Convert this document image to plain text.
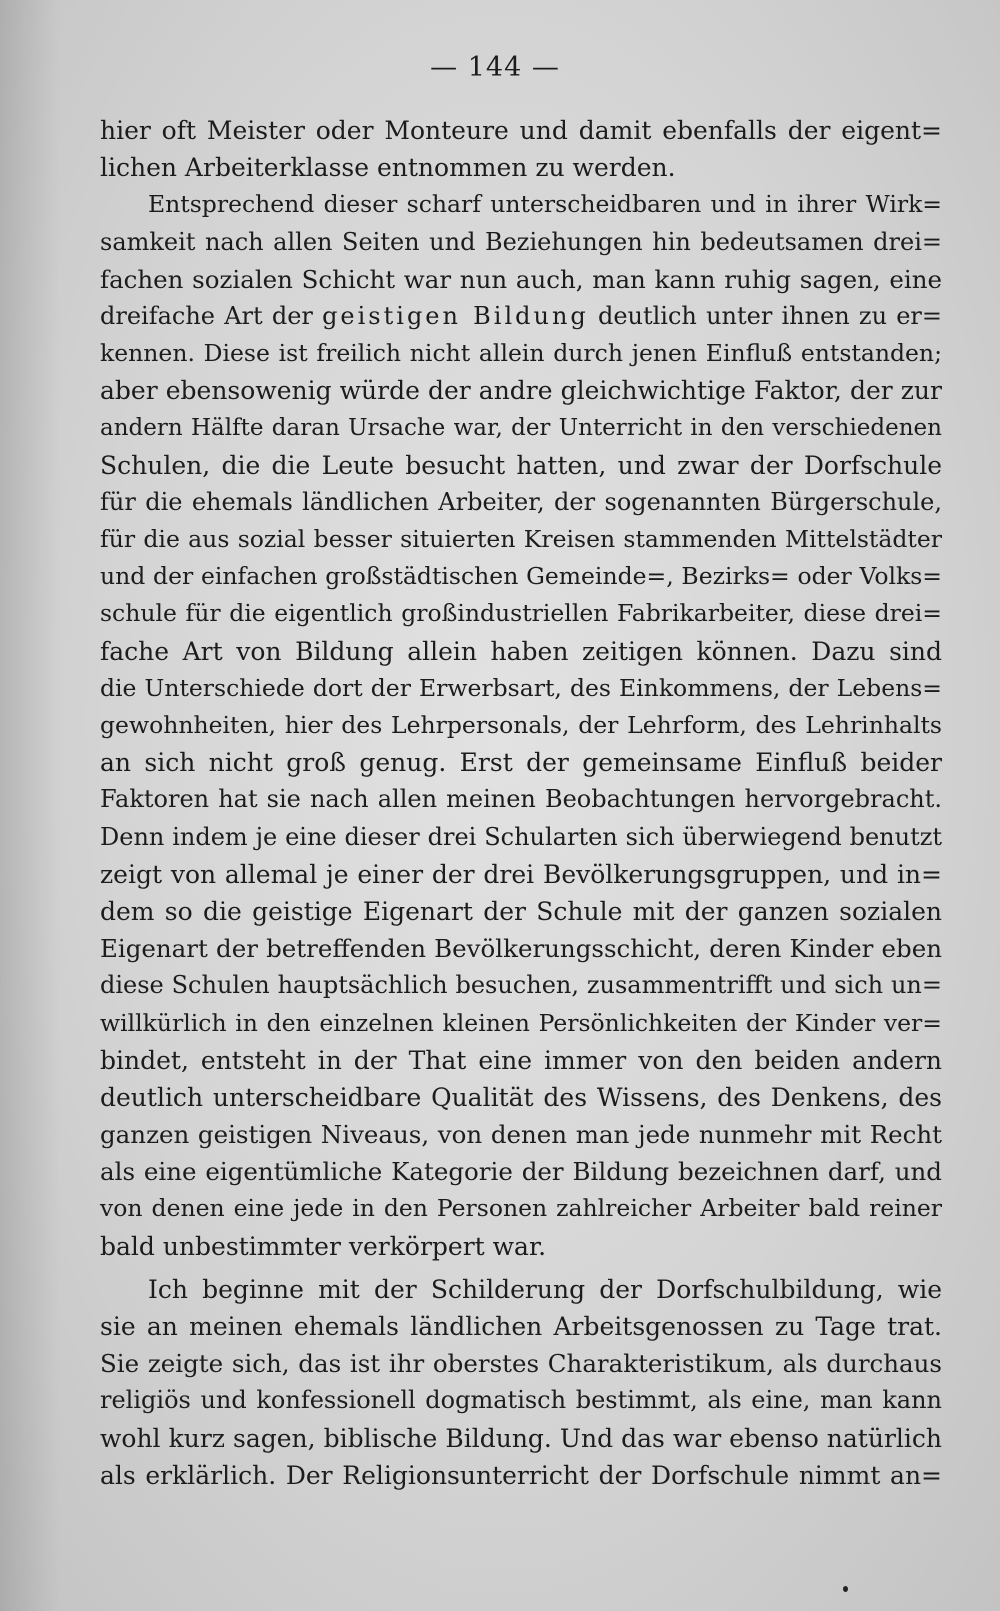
— 144 —
hier oft Meister oder Monteure und damit ebenfalls der eigent=
lichen Arbeiterklasse entnommen zu werden.
Entsprechend dieser scharf unterscheidbaren und in ihrer Wirk=
samkeit nach allen Seiten und Beziehungen hin bedeutsamen drei=
fachen sozialen Schicht war nun auch, man kann ruhig sagen, eine
dreifache Art der geistigen Bildung deutlich unter ihnen zu er=
kennen. Diese ist freilich nicht allein durch jenen Einfluß entstanden;
aber ebensowenig würde der andre gleichwichtige Faktor, der zur
andern Hälfte daran Ursache war, der Unterricht in den verschiedenen
Schulen, die die Leute besucht hatten, und zwar der Dorfschule
für die ehemals ländlichen Arbeiter, der sogenannten Bürgerschule,
für die aus sozial besser situierten Kreisen stammenden Mittelstädter
und der einfachen großstädtischen Gemeinde=, Bezirks= oder Volks=
schule für die eigentlich großindustriellen Fabrikarbeiter, diese drei=
fache Art von Bildung allein haben zeitigen können. Dazu sind
die Unterschiede dort der Erwerbsart, des Einkommens, der Lebens=
gewohnheiten, hier des Lehrpersonals, der Lehrform, des Lehrinhalts
an sich nicht groß genug. Erst der gemeinsame Einfluß beider
Faktoren hat sie nach allen meinen Beobachtungen hervorgebracht.
Denn indem je eine dieser drei Schularten sich überwiegend benutzt
zeigt von allemal je einer der drei Bevölkerungsgruppen, und in=
dem so die geistige Eigenart der Schule mit der ganzen sozialen
Eigenart der betreffenden Bevölkerungsschicht, deren Kinder eben
diese Schulen hauptsächlich besuchen, zusammentrifft und sich un=
willkürlich in den einzelnen kleinen Persönlichkeiten der Kinder ver=
bindet, entsteht in der That eine immer von den beiden andern
deutlich unterscheidbare Qualität des Wissens, des Denkens, des
ganzen geistigen Niveaus, von denen man jede nunmehr mit Recht
als eine eigentümliche Kategorie der Bildung bezeichnen darf, und
von denen eine jede in den Personen zahlreicher Arbeiter bald reiner
bald unbestimmter verkörpert war.
Ich beginne mit der Schilderung der Dorfschulbildung, wie
sie an meinen ehemals ländlichen Arbeitsgenossen zu Tage trat.
Sie zeigte sich, das ist ihr oberstes Charakteristikum, als durchaus
religiös und konfessionell dogmatisch bestimmt, als eine, man kann
wohl kurz sagen, biblische Bildung. Und das war ebenso natürlich
als erklärlich. Der Religionsunterricht der Dorfschule nimmt an=
